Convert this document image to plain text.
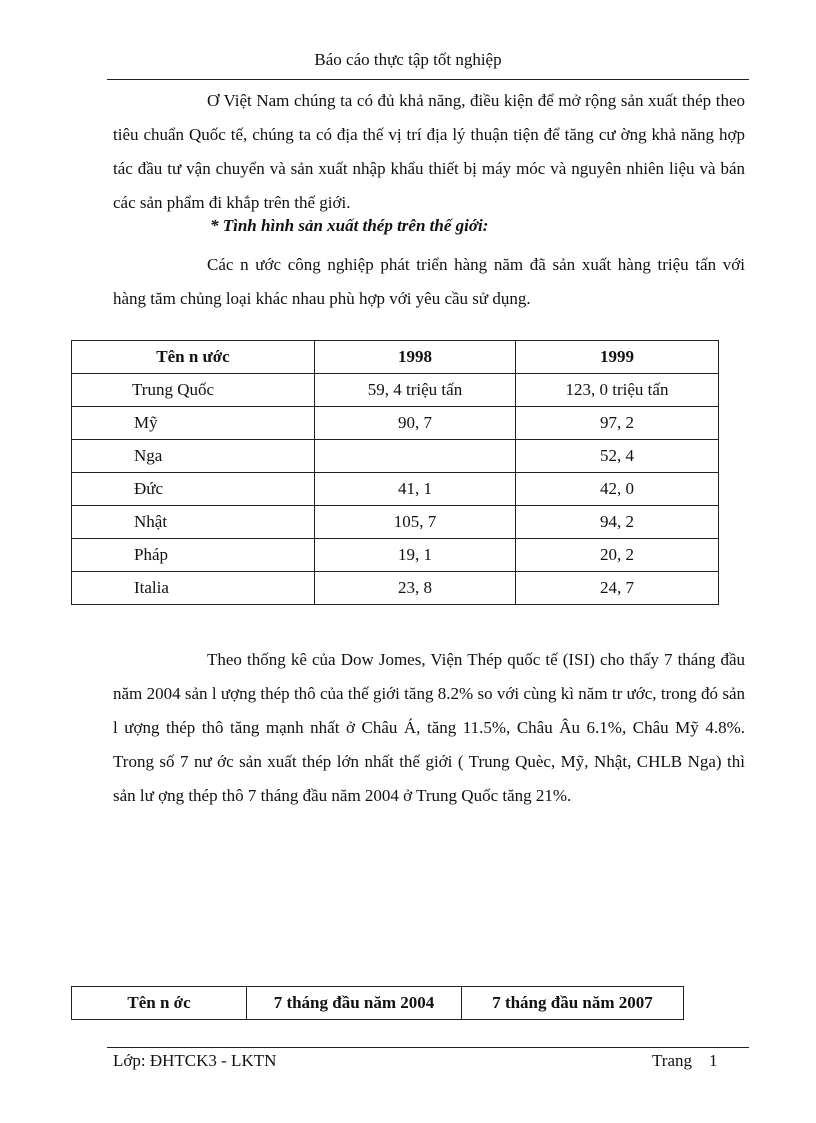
Báo cáo thực tập tốt nghiệp

Ơ Việt Nam chúng ta có đủ khả năng, điều kiện để mở rộng sản xuất thép theo tiêu chuẩn Quốc tế, chúng ta có địa thế vị trí địa lý thuận tiện để tăng cư ờng khả năng hợp tác đầu tư vận chuyển và sản xuất nhập khẩu thiết bị máy móc và nguyên nhiên liệu và bán các sản phẩm đi khắp trên thế giới.

* Tình hình sản xuất thép trên thế giới:

Các n ước công nghiệp phát triển hàng năm đã sản xuất hàng triệu tấn với hàng tăm chủng loại khác nhau phù hợp với yêu cầu sử dụng.

Tên n ước	1998	1999
Trung Quốc	59, 4 triệu tấn	123, 0 triệu tấn
Mỹ	90, 7	97, 2
Nga		52, 4
Đức	41, 1	42, 0
Nhật	105, 7	94, 2
Pháp	19, 1	20, 2
Italia	23, 8	24, 7

Theo thống kê của Dow Jomes, Viện Thép quốc tế (ISI) cho thấy 7 tháng đầu năm 2004 sản l ượng thép thô của thế giới tăng 8.2% so với cùng kì năm tr ước, trong đó sản l ượng thép thô tăng mạnh nhất ở Châu Á, tăng 11.5%, Châu Âu 6.1%, Châu Mỹ 4.8%. Trong số 7 nư ớc sản xuất thép lớn nhất thế giới ( Trung Quèc, Mỹ, Nhật, CHLB Nga) thì sản lư ợng thép thô 7 tháng đầu năm 2004 ở Trung Quốc tăng 21%.

Tên n ớc	7 tháng đầu năm 2004	7 tháng đầu năm 2007
Lớp: ĐHTCK3 - LKTN	Trang 1
